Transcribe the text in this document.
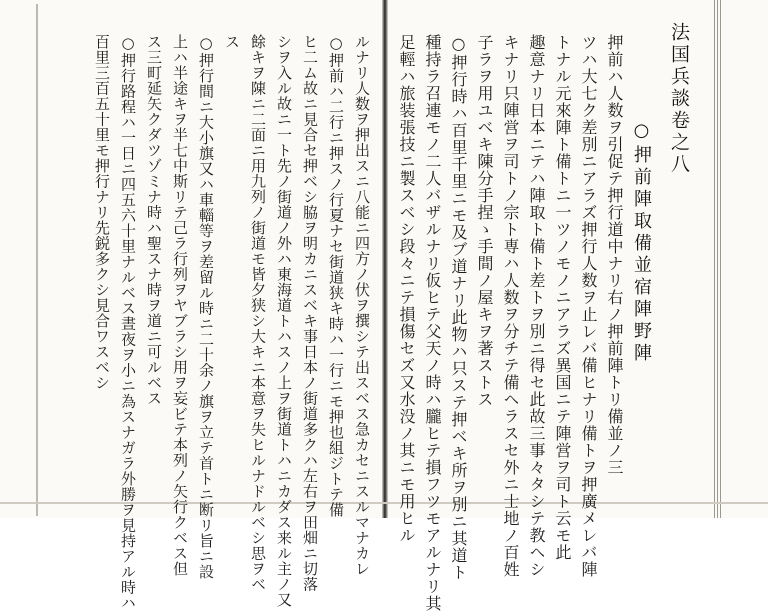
法国兵談卷之八
○押前陣取備並宿陣野陣
押前ハ人数ヲ引促テ押行道中ナリ右ノ押前陣トリ備並ノ三
ツハ大七ク差別ニアラズ押行人数ヲ止レバ備ヒナリ備トヲ押廣メレバ陣
トナル元來陣ト備トニ一ツノモノニアラズ異国ニテ陣営ヲ司ト云モ此
趣意ナリ日本ニテハ陣取ト備ト差トヲ別ニ得セ此故三事々タシテ教ヘシ
キナリ只陣営ヲ司トノ宗ト専ハ人数ヲ分チテ備ヘラスセ外ニ士地ノ百姓
子ラヲ用ユベキ陳分手捏ゝ手間ノ屋キヲ著ストス
○押行時ハ百里千里ニモ及ブ道ナリ此物ハ只ステ押ベキ所ヲ別ニ其道ト
種持ラ召連モノ二人バザルナリ仮ヒテ父天ノ時ハ朧ヒテ損フツモアルナリ其
足輕ハ旅装張技ニ製スベシ段々ニテ損傷セズ又水没ノ其ニモ用ヒル
ルナリ人数ヲ押出スニ八能ニ四方ノ伏ヲ撰シテ出スベス急カセニスルマナカレ
○押前ハ二行ニ押スノ行夏ナセ街道狭キ時ハ一行ニモ押也組ジトテ備
ヒ二ム故ニ見合セ押ベシ脇ヲ明カニスベキ事日本ノ街道多クハ左右ヲ田畑ニ切落
シヲ入ル故ニ一ト先ノ街道ノ外ハ東海道トハスノ上ヲ街道トハニカダス来ル主ノ又
餘キヲ陳ニ二面ニ用九列ノ街道モ皆夕狭シ大キニ本意ヲ失ヒルナドルベシ思ヲベ
ス
○押行間ニ大小旗又ハ車輜等ヲ差留ル時ニ二十余ノ旗ヲ立テ首トニ断リ旨ニ設
上ハ半途キヲ半七中斯リテ己ラ行列ヲヤブラシ用ヲ妄ビテ本列ノ矢行クベス但
ス三町延矢クダツゾミナ時ハ聖スナ時ヲ道ニ可ルベス
○押行路程ハ一日ニ四五六十里ナルベス晝夜ヲ小ニ為スナガラ外勝ヲ見持アル時ハ
百里三百五十里モ押行ナリ先鋭多クシ見合ワスベシ
